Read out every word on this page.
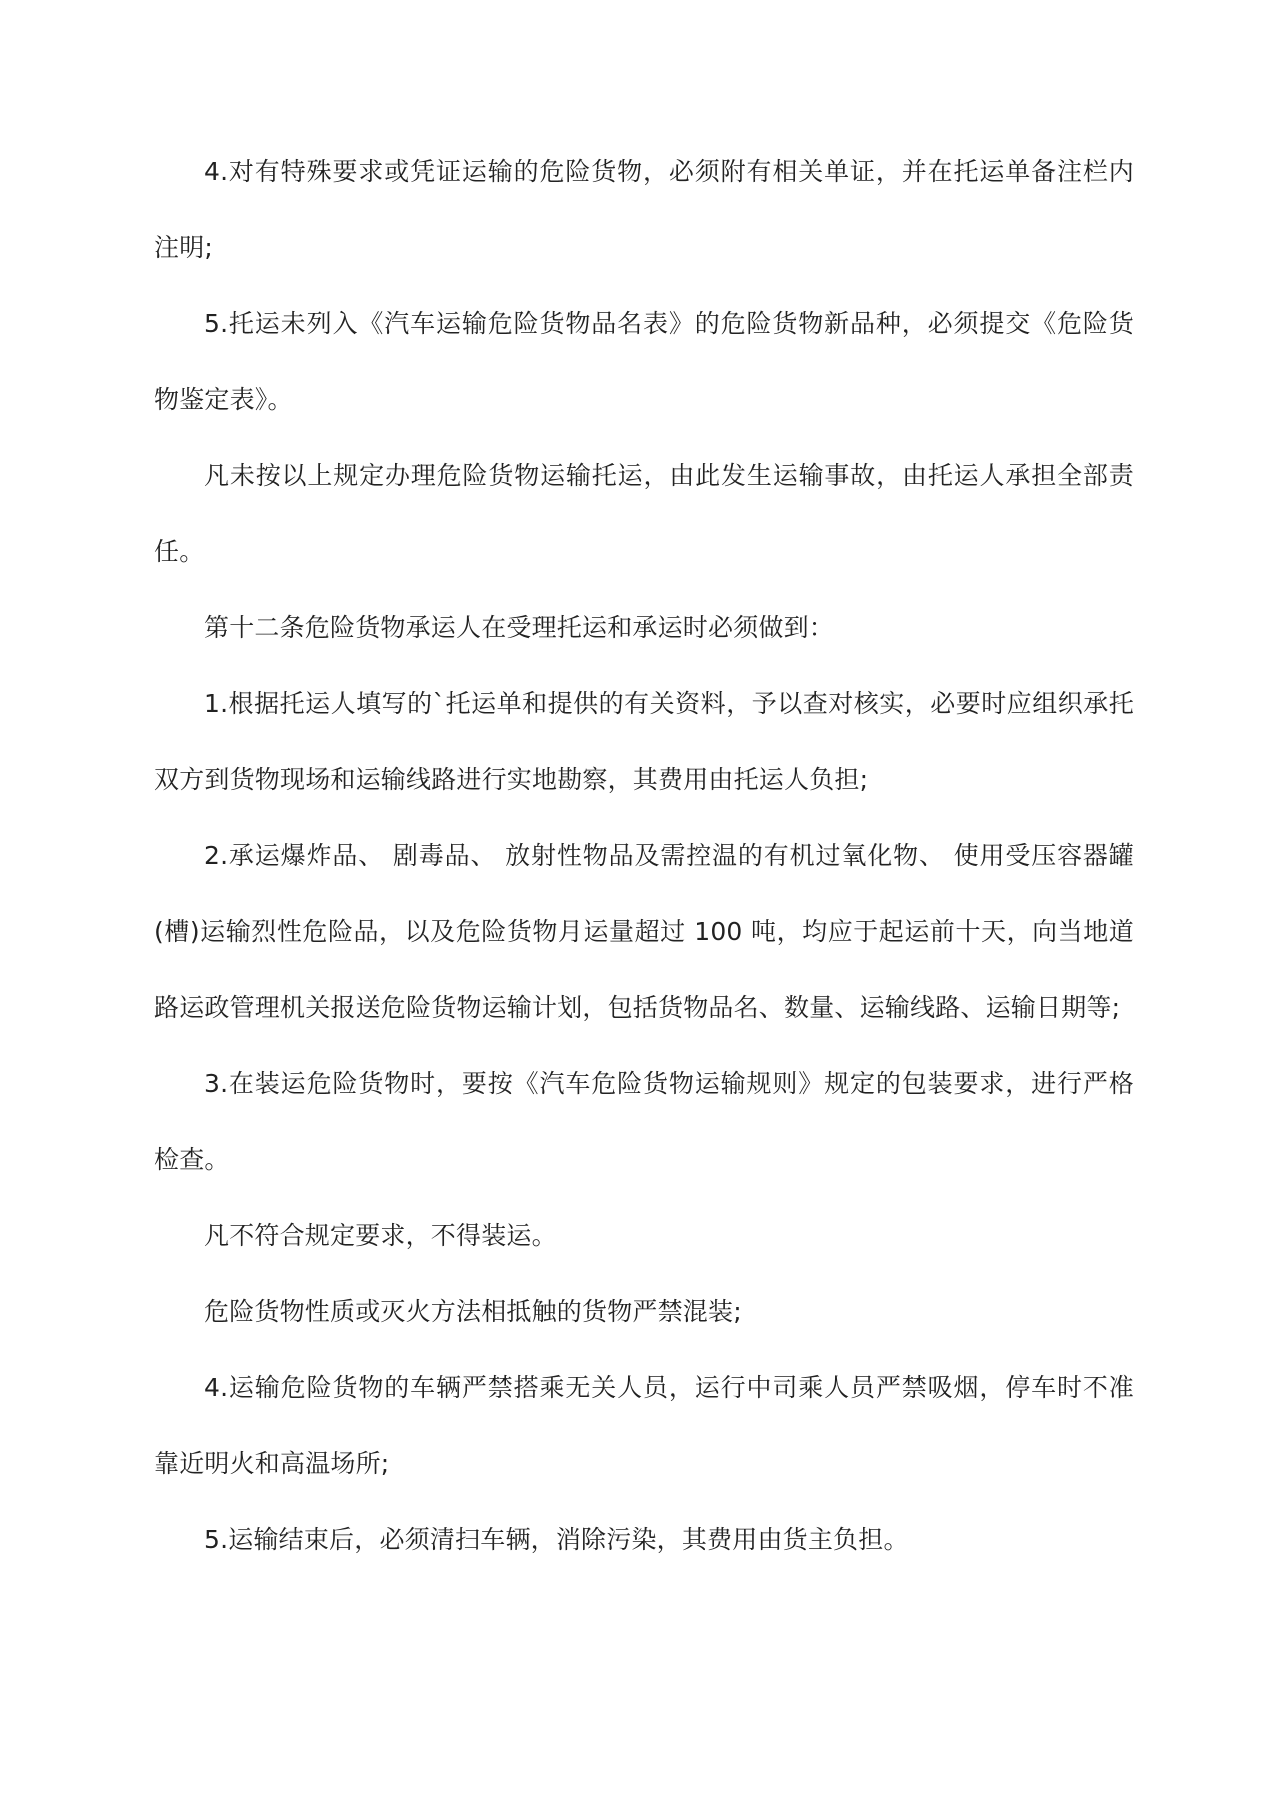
4.对有特殊要求或凭证运输的危险货物，必须附有相关单证，并在托运单备注栏内注明;

5.托运未列入《汽车运输危险货物品名表》的危险货物新品种，必须提交《危险货物鉴定表》。

凡未按以上规定办理危险货物运输托运，由此发生运输事故，由托运人承担全部责任。

第十二条危险货物承运人在受理托运和承运时必须做到：

1.根据托运人填写的`托运单和提供的有关资料，予以查对核实，必要时应组织承托双方到货物现场和运输线路进行实地勘察，其费用由托运人负担;

2.承运爆炸品、 剧毒品、 放射性物品及需控温的有机过氧化物、 使用受压容器罐(槽)运输烈性危险品，以及危险货物月运量超过 100 吨，均应于起运前十天，向当地道路运政管理机关报送危险货物运输计划，包括货物品名、数量、运输线路、运输日期等;

3.在装运危险货物时，要按《汽车危险货物运输规则》规定的包装要求，进行严格检查。

凡不符合规定要求，不得装运。

危险货物性质或灭火方法相抵触的货物严禁混装;

4.运输危险货物的车辆严禁搭乘无关人员，运行中司乘人员严禁吸烟，停车时不准靠近明火和高温场所;

5.运输结束后，必须清扫车辆，消除污染，其费用由货主负担。
